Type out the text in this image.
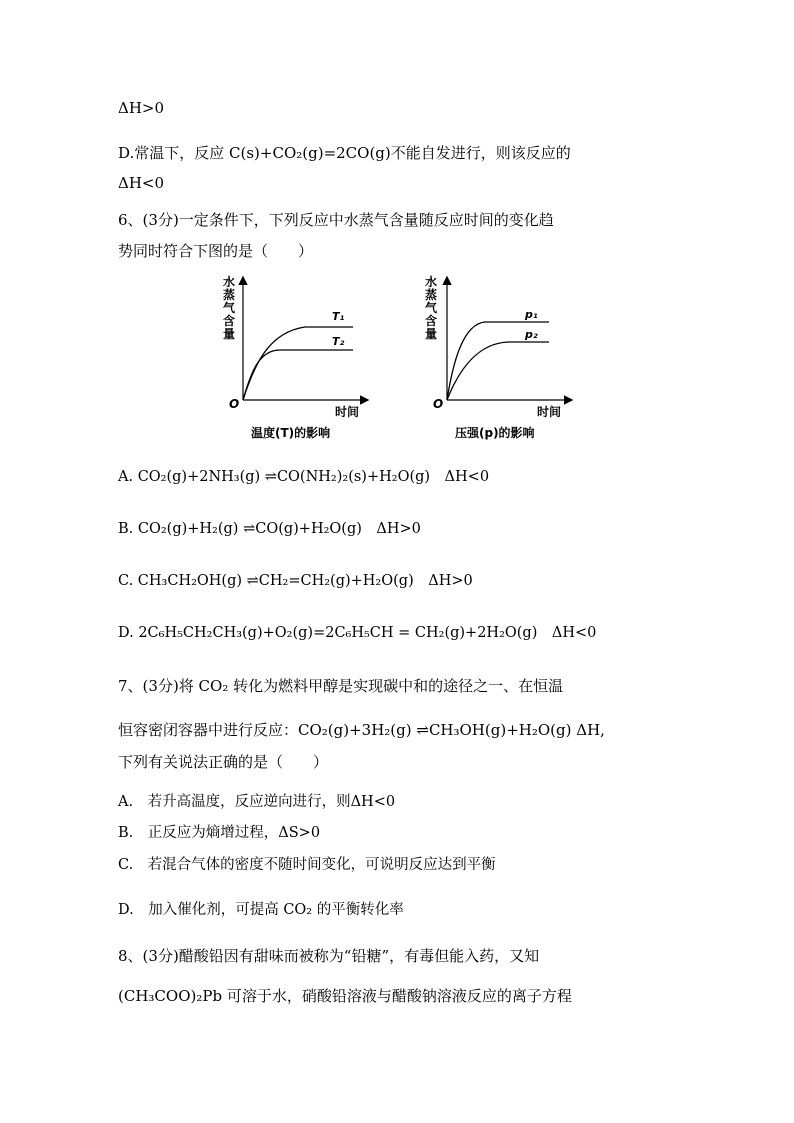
ΔH>0
D.常温下，反应 C(s)+CO₂(g)=2CO(g)不能自发进行，则该反应的
ΔH<0
6、(3分)一定条件下，下列反应中水蒸气含量随反应时间的变化趋
势同时符合下图的是（　　）
水
蒸
气
含
量
O
时间
T₁
T₂
温度(T)的影响
水
蒸
气
含
量
O
时间
p₁
p₂
压强(p)的影响
A. CO₂(g)+2NH₃(g) ⇌CO(NH₂)₂(s)+H₂O(g)　ΔH<0
B. CO₂(g)+H₂(g) ⇌CO(g)+H₂O(g)　ΔH>0
C. CH₃CH₂OH(g) ⇌CH₂=CH₂(g)+H₂O(g)　ΔH>0
D. 2C₆H₅CH₂CH₃(g)+O₂(g)=2C₆H₅CH = CH₂(g)+2H₂O(g)　ΔH<0
7、(3分)将 CO₂ 转化为燃料甲醇是实现碳中和的途径之一、在恒温
恒容密闭容器中进行反应：CO₂(g)+3H₂(g) ⇌CH₃OH(g)+H₂O(g) ΔH,
下列有关说法正确的是（　　）
A.　若升高温度，反应逆向进行，则ΔH<0
B.　正反应为熵增过程，ΔS>0
C.　若混合气体的密度不随时间变化，可说明反应达到平衡
D.　加入催化剂，可提高 CO₂ 的平衡转化率
8、(3分)醋酸铅因有甜味而被称为“铅糖”，有毒但能入药，又知
(CH₃COO)₂Pb 可溶于水，硝酸铅溶液与醋酸钠溶液反应的离子方程
